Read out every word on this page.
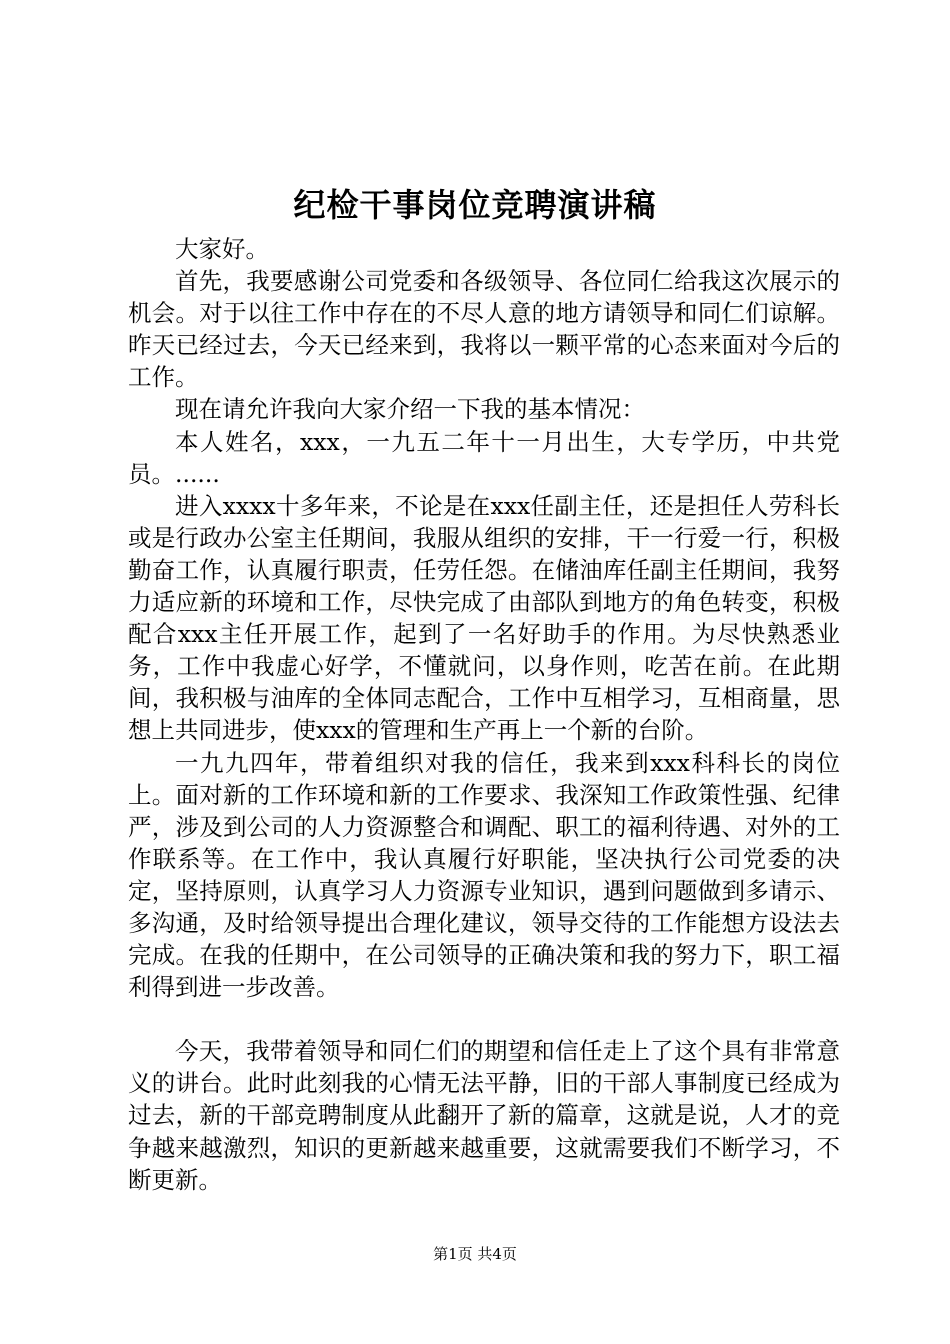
纪检干事岗位竞聘演讲稿

大家好。

首先，我要感谢公司党委和各级领导、各位同仁给我这次展示的机会。对于以往工作中存在的不尽人意的地方请领导和同仁们谅解。昨天已经过去，今天已经来到，我将以一颗平常的心态来面对今后的工作。

现在请允许我向大家介绍一下我的基本情况：

本人姓名，xxx，一九五二年十一月出生，大专学历，中共党员。......

进入xxxx十多年来，不论是在xxx任副主任，还是担任人劳科长或是行政办公室主任期间，我服从组织的安排，干一行爱一行，积极勤奋工作，认真履行职责，任劳任怨。在储油库任副主任期间，我努力适应新的环境和工作，尽快完成了由部队到地方的角色转变，积极配合xxx主任开展工作，起到了一名好助手的作用。为尽快熟悉业务，工作中我虚心好学，不懂就问，以身作则，吃苦在前。在此期间，我积极与油库的全体同志配合，工作中互相学习，互相商量，思想上共同进步，使xxx的管理和生产再上一个新的台阶。

一九九四年，带着组织对我的信任，我来到xxx科科长的岗位上。面对新的工作环境和新的工作要求、我深知工作政策性强、纪律严，涉及到公司的人力资源整合和调配、职工的福利待遇、对外的工作联系等。在工作中，我认真履行好职能，坚决执行公司党委的决定，坚持原则，认真学习人力资源专业知识，遇到问题做到多请示、多沟通，及时给领导提出合理化建议，领导交待的工作能想方设法去完成。在我的任期中，在公司领导的正确决策和我的努力下，职工福利得到进一步改善。

今天，我带着领导和同仁们的期望和信任走上了这个具有非常意义的讲台。此时此刻我的心情无法平静，旧的干部人事制度已经成为过去，新的干部竞聘制度从此翻开了新的篇章，这就是说，人才的竞争越来越激烈，知识的更新越来越重要，这就需要我们不断学习，不断更新。

第1页 共4页
